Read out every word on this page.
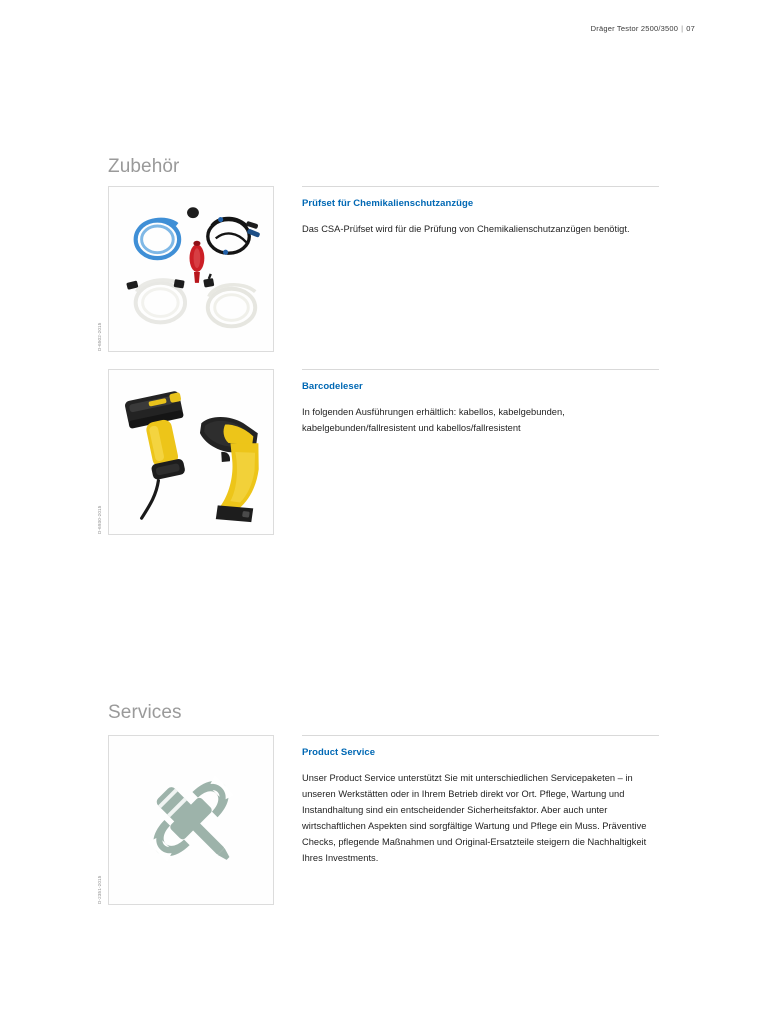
Dräger Testor 2500/3500 | 07
Zubehör
D-6502-2015
Prüfset für Chemikalienschutzanzüge

Das CSA-Prüfset wird für die Prüfung von Chemikalienschutzanzügen benötigt.

D-6930-2015
Barcodeleser

In folgenden Ausführungen erhältlich: kabellos, kabelgebunden, kabelgebunden/fallresistent und kabellos/fallresistent

Services
D-2351-2015
Product Service

Unser Product Service unterstützt Sie mit unterschiedlichen Servicepaketen – in unseren Werkstätten oder in Ihrem Betrieb direkt vor Ort. Pflege, Wartung und Instandhaltung sind ein entscheidender Sicherheitsfaktor. Aber auch unter wirtschaftlichen Aspekten sind sorgfältige Wartung und Pflege ein Muss. Präventive Checks, pflegende Maßnahmen und Original-Ersatzteile steigern die Nachhaltigkeit Ihres Investments.
